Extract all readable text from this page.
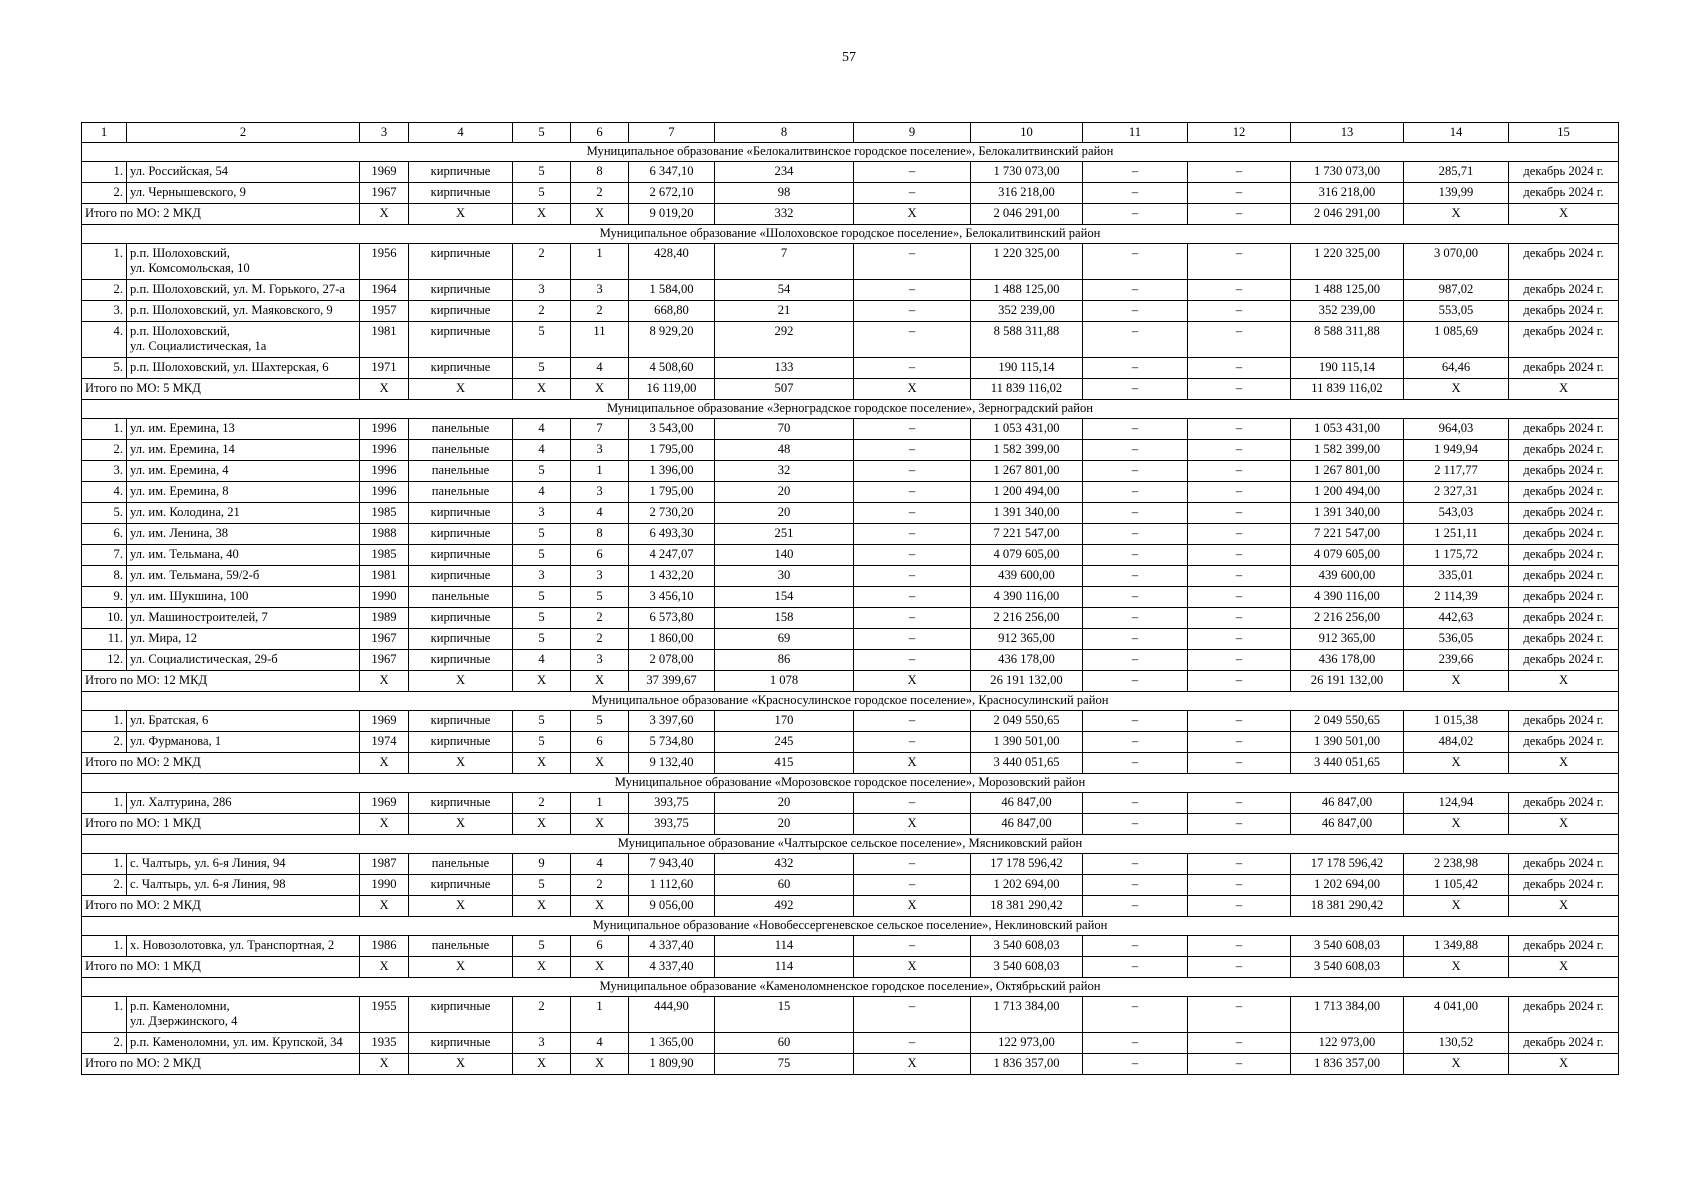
57
1	2	3	4	5	6	7	8	9	10	11	12	13	14	15
Муниципальное образование «Белокалитвинское городское поселение», Белокалитвинский район														
1.	ул. Российская, 54	1969	кирпичные	5	8	6 347,10	234	–	1 730 073,00	–	–	1 730 073,00	285,71	декабрь 2024 г.
2.	ул. Чернышевского, 9	1967	кирпичные	5	2	2 672,10	98	–	316 218,00	–	–	316 218,00	139,99	декабрь 2024 г.
Итого по МО: 2 МКД		X	X	X	X	9 019,20	332	X	2 046 291,00	–	–	2 046 291,00	X	X
Муниципальное образование «Шолоховское городское поселение», Белокалитвинский район														
1.	р.п. Шолоховский,
ул. Комсомольская, 10	1956	кирпичные	2	1	428,40	7	–	1 220 325,00	–	–	1 220 325,00	3 070,00	декабрь 2024 г.
2.	р.п. Шолоховский, ул. М. Горького, 27-а	1964	кирпичные	3	3	1 584,00	54	–	1 488 125,00	–	–	1 488 125,00	987,02	декабрь 2024 г.
3.	р.п. Шолоховский, ул. Маяковского, 9	1957	кирпичные	2	2	668,80	21	–	352 239,00	–	–	352 239,00	553,05	декабрь 2024 г.
4.	р.п. Шолоховский,
ул. Социалистическая, 1а	1981	кирпичные	5	11	8 929,20	292	–	8 588 311,88	–	–	8 588 311,88	1 085,69	декабрь 2024 г.
5.	р.п. Шолоховский, ул. Шахтерская, 6	1971	кирпичные	5	4	4 508,60	133	–	190 115,14	–	–	190 115,14	64,46	декабрь 2024 г.
Итого по МО: 5 МКД		X	X	X	X	16 119,00	507	X	11 839 116,02	–	–	11 839 116,02	X	X
Муниципальное образование «Зерноградское городское поселение», Зерноградский район														
1.	ул. им. Еремина, 13	1996	панельные	4	7	3 543,00	70	–	1 053 431,00	–	–	1 053 431,00	964,03	декабрь 2024 г.
2.	ул. им. Еремина, 14	1996	панельные	4	3	1 795,00	48	–	1 582 399,00	–	–	1 582 399,00	1 949,94	декабрь 2024 г.
3.	ул. им. Еремина, 4	1996	панельные	5	1	1 396,00	32	–	1 267 801,00	–	–	1 267 801,00	2 117,77	декабрь 2024 г.
4.	ул. им. Еремина, 8	1996	панельные	4	3	1 795,00	20	–	1 200 494,00	–	–	1 200 494,00	2 327,31	декабрь 2024 г.
5.	ул. им. Колодина, 21	1985	кирпичные	3	4	2 730,20	20	–	1 391 340,00	–	–	1 391 340,00	543,03	декабрь 2024 г.
6.	ул. им. Ленина, 38	1988	кирпичные	5	8	6 493,30	251	–	7 221 547,00	–	–	7 221 547,00	1 251,11	декабрь 2024 г.
7.	ул. им. Тельмана, 40	1985	кирпичные	5	6	4 247,07	140	–	4 079 605,00	–	–	4 079 605,00	1 175,72	декабрь 2024 г.
8.	ул. им. Тельмана, 59/2-б	1981	кирпичные	3	3	1 432,20	30	–	439 600,00	–	–	439 600,00	335,01	декабрь 2024 г.
9.	ул. им. Шукшина, 100	1990	панельные	5	5	3 456,10	154	–	4 390 116,00	–	–	4 390 116,00	2 114,39	декабрь 2024 г.
10.	ул. Машиностроителей, 7	1989	кирпичные	5	2	6 573,80	158	–	2 216 256,00	–	–	2 216 256,00	442,63	декабрь 2024 г.
11.	ул. Мира, 12	1967	кирпичные	5	2	1 860,00	69	–	912 365,00	–	–	912 365,00	536,05	декабрь 2024 г.
12.	ул. Социалистическая, 29-б	1967	кирпичные	4	3	2 078,00	86	–	436 178,00	–	–	436 178,00	239,66	декабрь 2024 г.
Итого по МО: 12 МКД		X	X	X	X	37 399,67	1 078	X	26 191 132,00	–	–	26 191 132,00	X	X
Муниципальное образование «Красносулинское городское поселение», Красносулинский район														
1.	ул. Братская, 6	1969	кирпичные	5	5	3 397,60	170	–	2 049 550,65	–	–	2 049 550,65	1 015,38	декабрь 2024 г.
2.	ул. Фурманова, 1	1974	кирпичные	5	6	5 734,80	245	–	1 390 501,00	–	–	1 390 501,00	484,02	декабрь 2024 г.
Итого по МО: 2 МКД		X	X	X	X	9 132,40	415	X	3 440 051,65	–	–	3 440 051,65	X	X
Муниципальное образование «Морозовское городское поселение», Морозовский район														
1.	ул. Халтурина, 286	1969	кирпичные	2	1	393,75	20	–	46 847,00	–	–	46 847,00	124,94	декабрь 2024 г.
Итого по МО: 1 МКД		X	X	X	X	393,75	20	X	46 847,00	–	–	46 847,00	X	X
Муниципальное образование «Чалтырское сельское поселение», Мясниковский район														
1.	с. Чалтырь, ул. 6-я Линия, 94	1987	панельные	9	4	7 943,40	432	–	17 178 596,42	–	–	17 178 596,42	2 238,98	декабрь 2024 г.
2.	с. Чалтырь, ул. 6-я Линия, 98	1990	кирпичные	5	2	1 112,60	60	–	1 202 694,00	–	–	1 202 694,00	1 105,42	декабрь 2024 г.
Итого по МО: 2 МКД		X	X	X	X	9 056,00	492	X	18 381 290,42	–	–	18 381 290,42	X	X
Муниципальное образование «Новобессергеневское сельское поселение», Неклиновский район														
1.	х. Новозолотовка, ул. Транспортная, 2	1986	панельные	5	6	4 337,40	114	–	3 540 608,03	–	–	3 540 608,03	1 349,88	декабрь 2024 г.
Итого по МО: 1 МКД		X	X	X	X	4 337,40	114	X	3 540 608,03	–	–	3 540 608,03	X	X
Муниципальное образование «Каменоломненское городское поселение», Октябрьский район														
1.	р.п. Каменоломни,
ул. Дзержинского, 4	1955	кирпичные	2	1	444,90	15	–	1 713 384,00	–	–	1 713 384,00	4 041,00	декабрь 2024 г.
2.	р.п. Каменоломни, ул. им. Крупской, 34	1935	кирпичные	3	4	1 365,00	60	–	122 973,00	–	–	122 973,00	130,52	декабрь 2024 г.
Итого по МО: 2 МКД		X	X	X	X	1 809,90	75	X	1 836 357,00	–	–	1 836 357,00	X	X
